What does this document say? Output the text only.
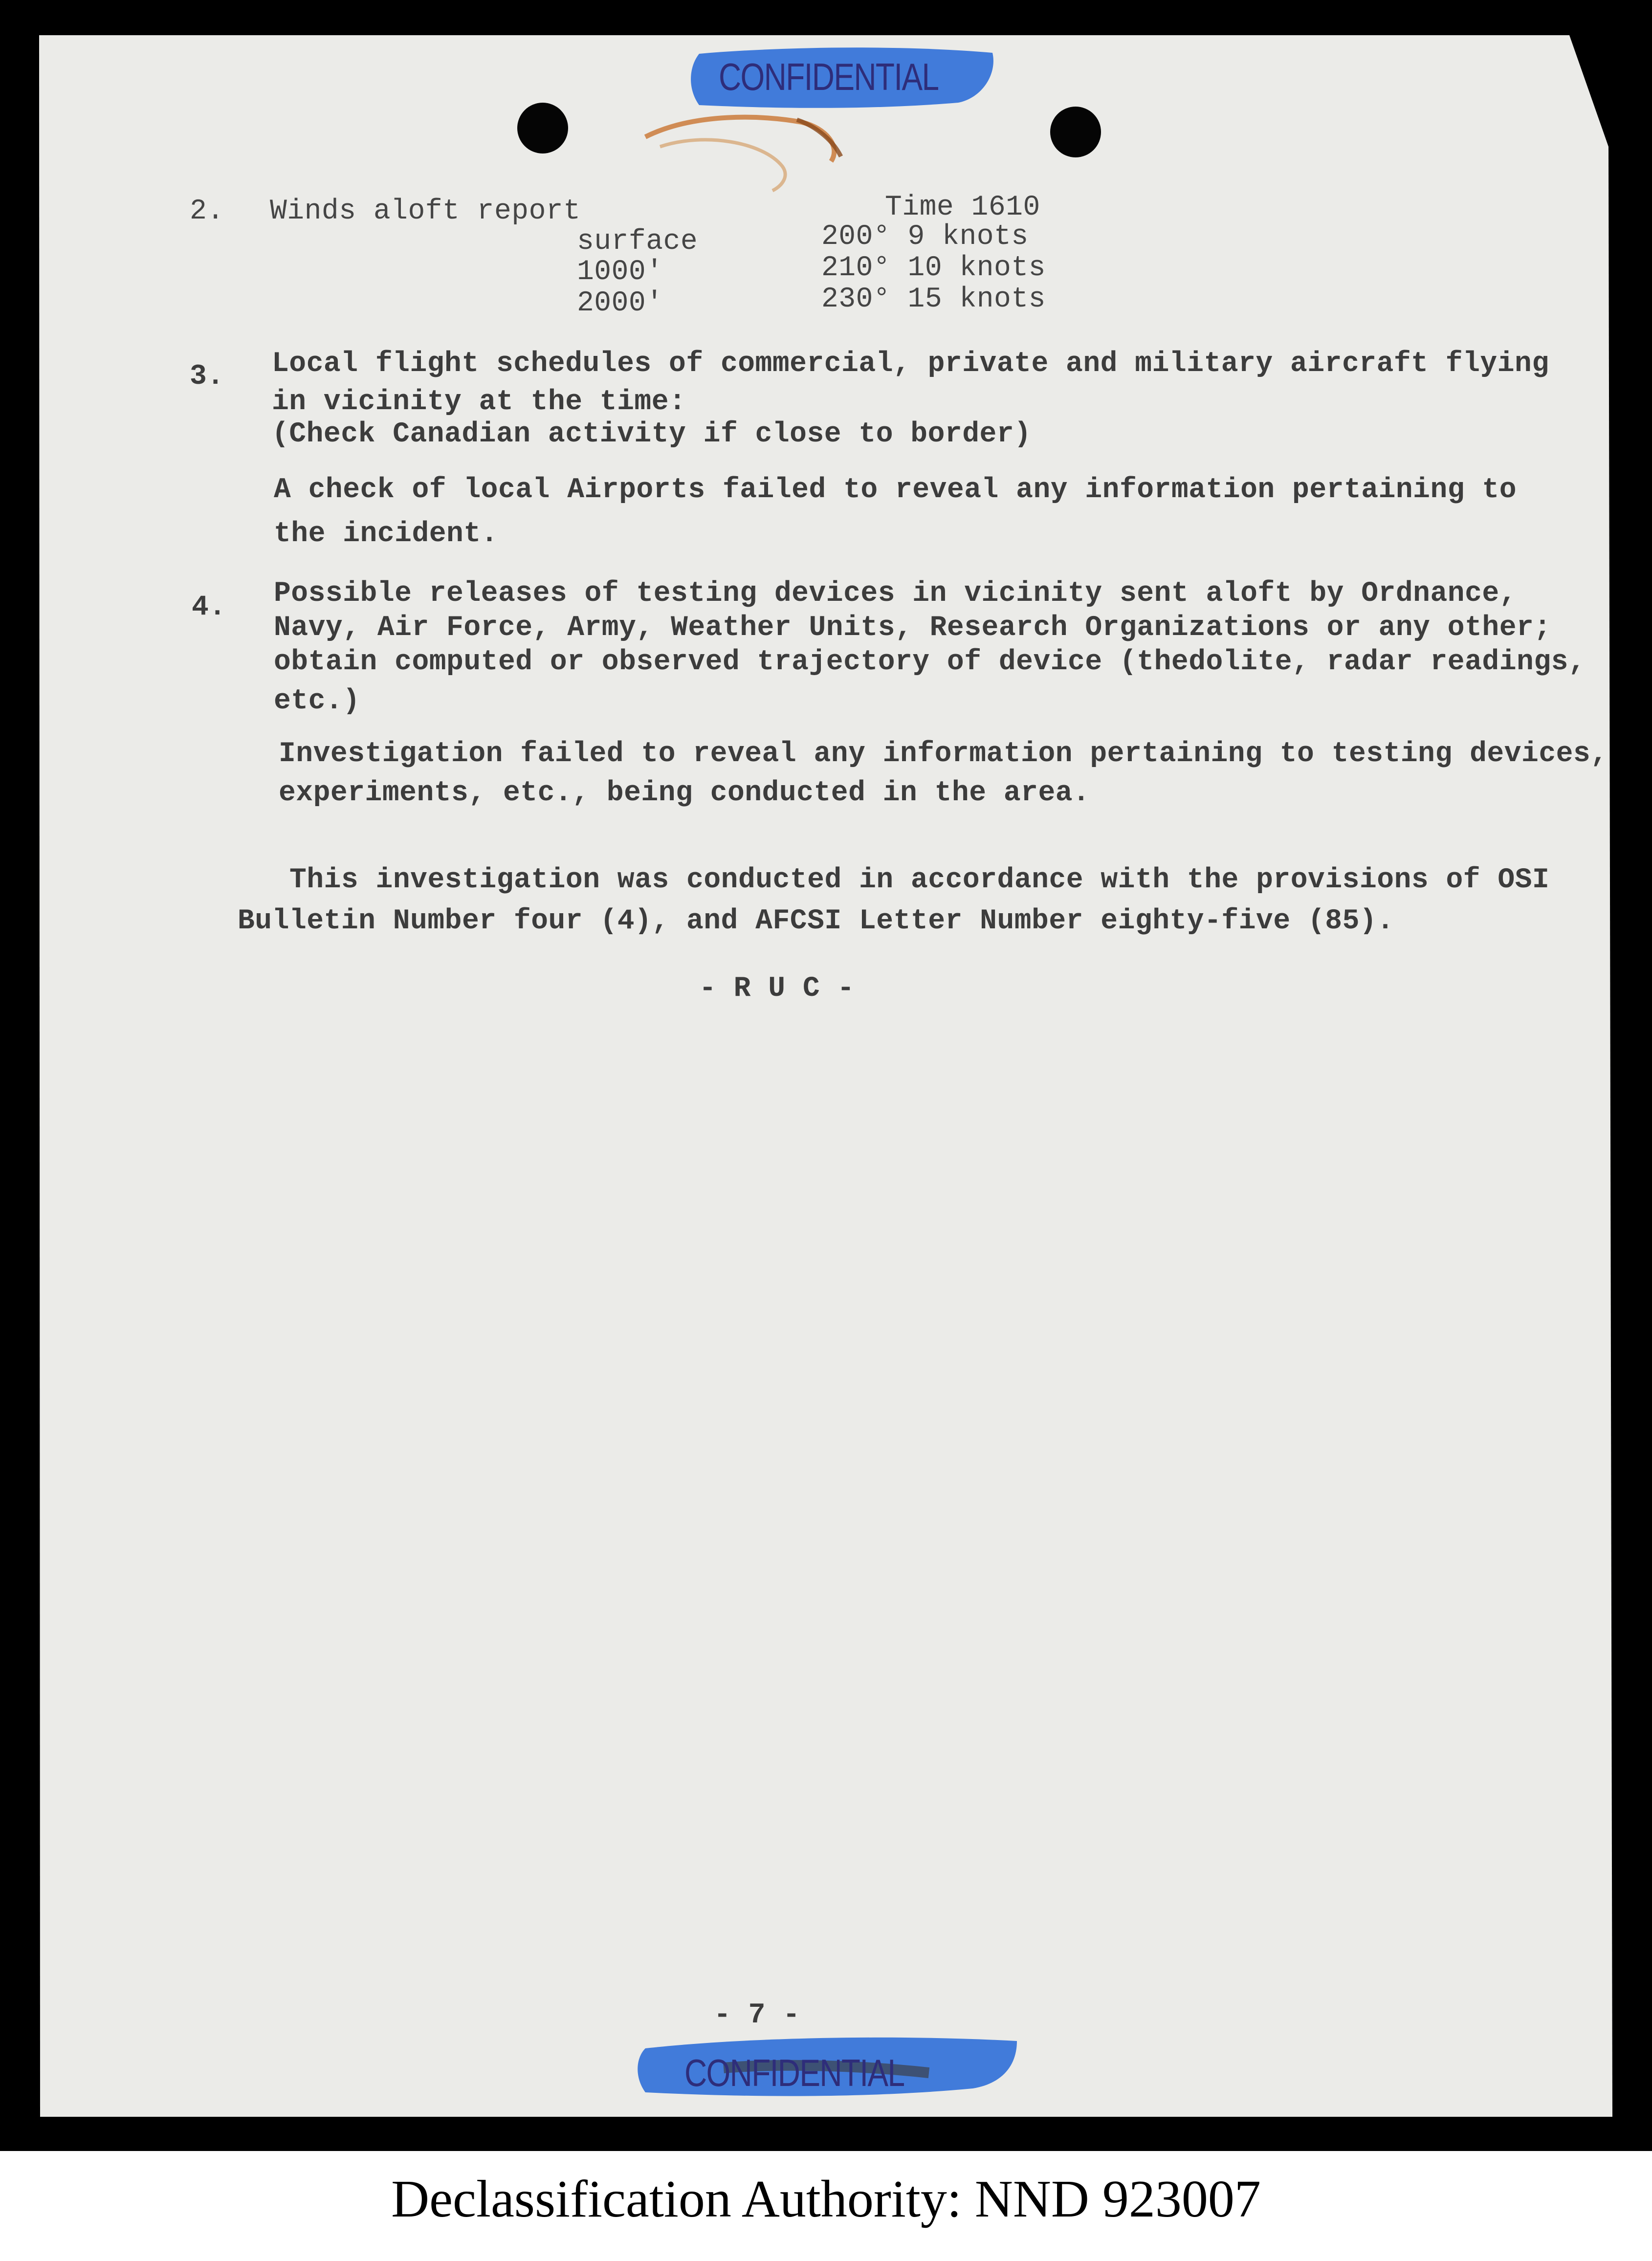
CONFIDENTIAL
CONFIDENTIAL
2. Winds aloft report	Time 1610
surface	200° 9 knots
1000'	210° 10 knots
2000'	230° 15 knots
3. Local flight schedules of commercial, private and military aircraft flying
in vicinity at the time:
(Check Canadian activity if close to border)
A check of local Airports failed to reveal any information pertaining to
the incident.
4. Possible releases of testing devices in vicinity sent aloft by Ordnance,
Navy, Air Force, Army, Weather Units, Research Organizations or any other;
obtain computed or observed trajectory of device (thedolite, radar readings,
etc.)
Investigation failed to reveal any information pertaining to testing devices,
experiments, etc., being conducted in the area.
This investigation was conducted in accordance with the provisions of OSI
Bulletin Number four (4), and AFCSI Letter Number eighty-five (85).
- R U C -
- 7 -
Declassification Authority: NND 923007
